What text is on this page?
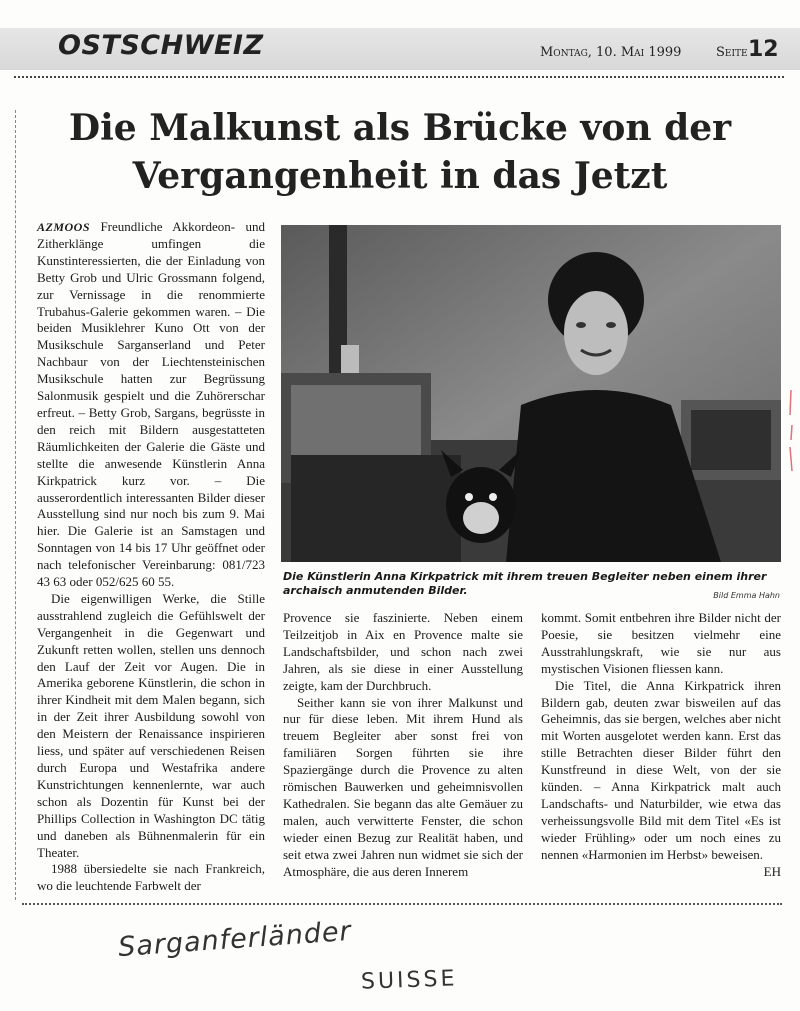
OSTSCHWEIZ	Montag, 10. Mai 1999	Seite 12
Die Malkunst als Brücke von der
Vergangenheit in das Jetzt

AZMOOS Freundliche Akkordeon- und Zitherklänge umfingen die Kunstinteressierten, die der Einladung von Betty Grob und Ulric Grossmann folgend, zur Vernissage in die renommierte Trubahus-Galerie gekommen waren. – Die beiden Musiklehrer Kuno Ott von der Musikschule Sarganserland und Peter Nachbaur von der Liechtensteinischen Musikschule hatten zur Begrüssung Salonmusik gespielt und die Zuhörerschar erfreut. – Betty Grob, Sargans, begrüsste in den reich mit Bildern ausgestatteten Räumlichkeiten der Galerie die Gäste und stellte die anwesende Künstlerin Anna Kirkpatrick kurz vor. – Die ausserordentlich interessanten Bilder dieser Ausstellung sind nur noch bis zum 9. Mai hier. Die Galerie ist an Samstagen und Sonntagen von 14 bis 17 Uhr geöffnet oder nach telefonischer Vereinbarung: 081/723 43 63 oder 052/625 60 55.

Die eigenwilligen Werke, die Stille ausstrahlend zugleich die Gefühlswelt der Vergangenheit in die Gegenwart und Zukunft retten wollen, stellen uns dennoch den Lauf der Zeit vor Augen. Die in Amerika geborene Künstlerin, die schon in ihrer Kindheit mit dem Malen begann, sich in der Zeit ihrer Ausbildung sowohl von den Meistern der Renaissance inspirieren liess, und später auf verschiedenen Reisen durch Europa und Westafrika andere Kunstrichtungen kennenlernte, war auch schon als Dozentin für Kunst bei der Phillips Collection in Washington DC tätig und daneben als Bühnenmalerin für ein Theater.

1988 übersiedelte sie nach Frankreich, wo die leuchtende Farbwelt der

Die Künstlerin Anna Kirkpatrick mit ihrem treuen Begleiter neben einem ihrer archaisch anmutenden Bilder.	Bild Emma Hahn

Provence sie faszinierte. Neben einem Teilzeitjob in Aix en Provence malte sie Landschaftsbilder, und schon nach zwei Jahren, als sie diese in einer Ausstellung zeigte, kam der Durchbruch.

Seither kann sie von ihrer Malkunst und nur für diese leben. Mit ihrem Hund als treuem Begleiter aber sonst frei von familiären Sorgen führten sie ihre Spaziergänge durch die Provence zu alten römischen Bauwerken und geheimnisvollen Kathedralen. Sie begann das alte Gemäuer zu malen, auch verwitterte Fenster, die schon wieder einen Bezug zur Realität haben, und seit etwa zwei Jahren nun widmet sie sich der Atmosphäre, die aus deren Innerem

kommt. Somit entbehren ihre Bilder nicht der Poesie, sie besitzen vielmehr eine Ausstrahlungskraft, wie sie nur aus mystischen Visionen fliessen kann.

Die Titel, die Anna Kirkpatrick ihren Bildern gab, deuten zwar bisweilen auf das Geheimnis, das sie bergen, welches aber nicht mit Worten ausgelotet werden kann. Erst das stille Betrachten dieser Bilder führt den Kunstfreund in diese Welt, von der sie künden. – Anna Kirkpatrick malt auch Landschafts- und Naturbilder, wie etwa das verheissungsvolle Bild mit dem Titel «Es ist wieder Frühling» oder um noch eines zu nennen «Harmonien im Herbst» beweisen.
EH

Sarganferländer
SUISSE
